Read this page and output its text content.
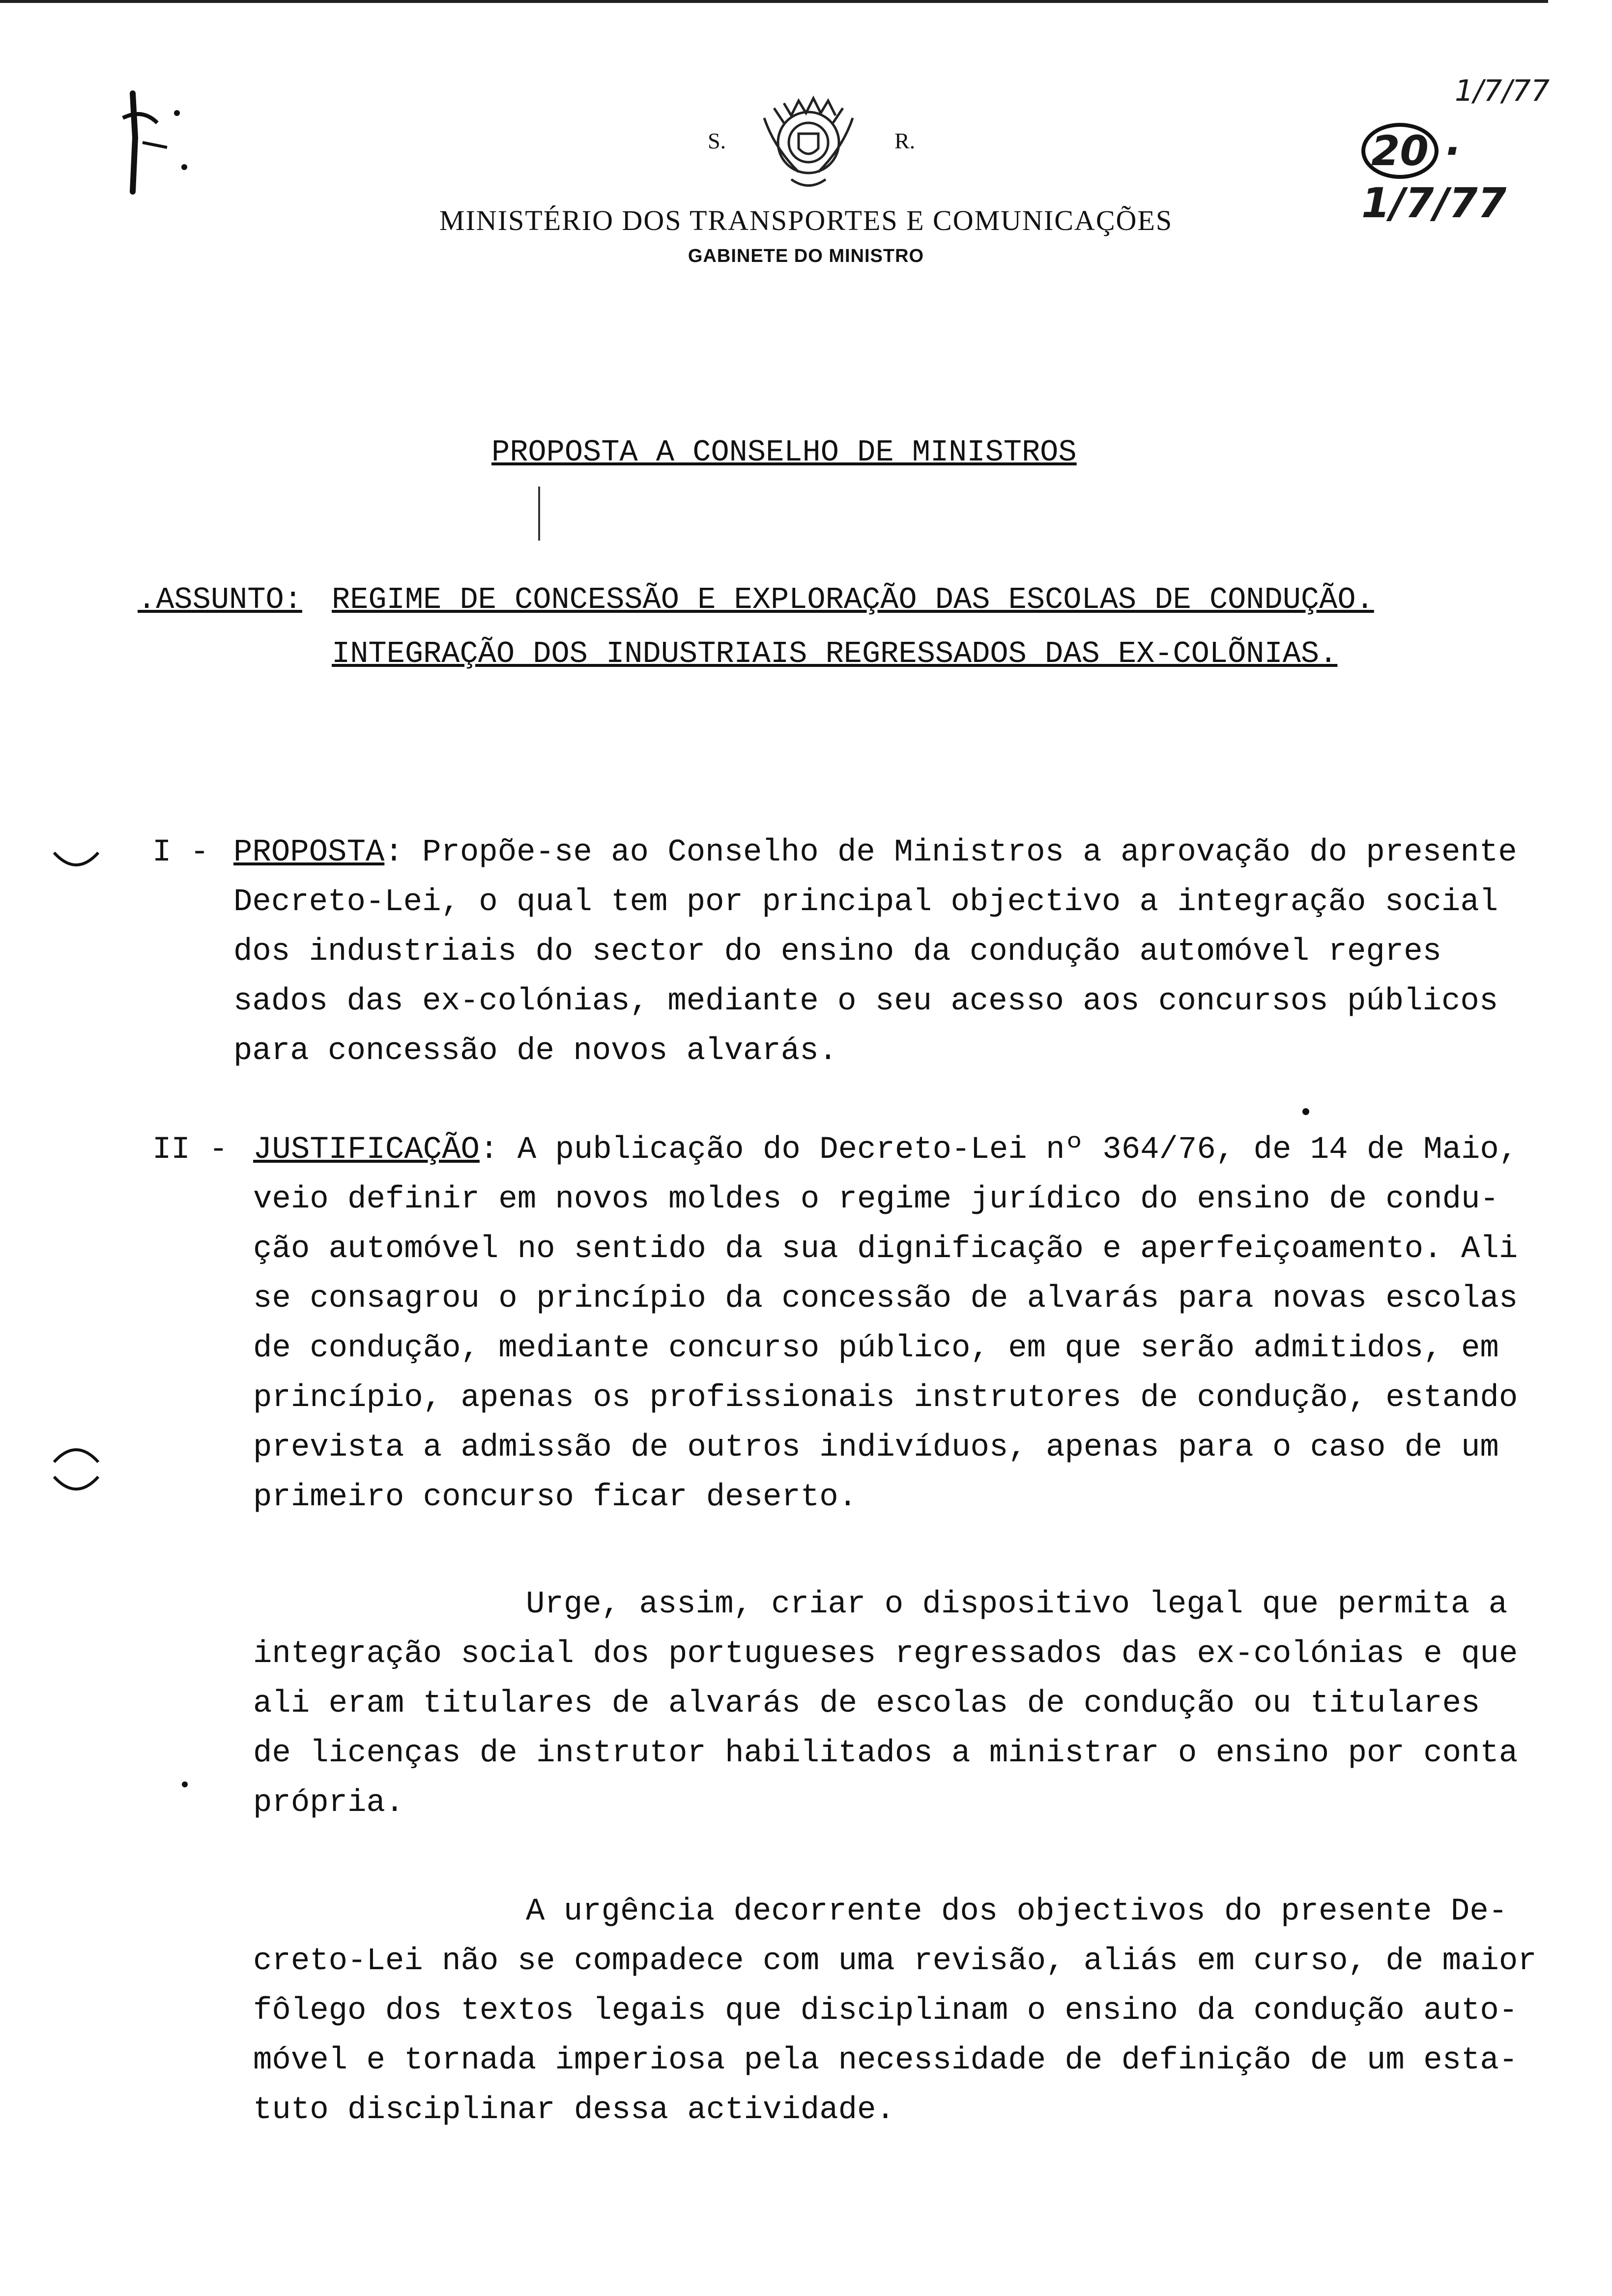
S.	R.
MINISTÉRIO DOS TRANSPORTES E COMUNICAÇÕES
GABINETE DO MINISTRO
1/7/77
20 · 1/7/77
PROPOSTA A CONSELHO DE MINISTROS
.ASSUNTO: REGIME DE CONCESSÃO E EXPLORAÇÃO DAS ESCOLAS DE CONDUÇÃO.
INTEGRAÇÃO DOS INDUSTRIAIS REGRESSADOS DAS EX-COLÕNIAS.
I - PROPOSTA: Propõe-se ao Conselho de Ministros a aprovação do presente
Decreto-Lei, o qual tem por principal objectivo a integração social
dos industriais do sector do ensino da condução automóvel regres
sados das ex-colónias, mediante o seu acesso aos concursos públicos
para concessão de novos alvarás.
II - JUSTIFICAÇÃO: A publicação do Decreto-Lei nº 364/76, de 14 de Maio,
veio definir em novos moldes o regime jurídico do ensino de condu-
ção automóvel no sentido da sua dignificação e aperfeiçoamento. Ali
se consagrou o princípio da concessão de alvarás para novas escolas
de condução, mediante concurso público, em que serão admitidos, em
princípio, apenas os profissionais instrutores de condução, estando
prevista a admissão de outros indivíduos, apenas para o caso de um
primeiro concurso ficar deserto.
Urge, assim, criar o dispositivo legal que permita a
integração social dos portugueses regressados das ex-colónias e que
ali eram titulares de alvarás de escolas de condução ou titulares
de licenças de instrutor habilitados a ministrar o ensino por conta
própria.
A urgência decorrente dos objectivos do presente De-
creto-Lei não se compadece com uma revisão, aliás em curso, de maior
fôlego dos textos legais que disciplinam o ensino da condução auto-
móvel e tornada imperiosa pela necessidade de definição de um esta-
tuto disciplinar dessa actividade.
